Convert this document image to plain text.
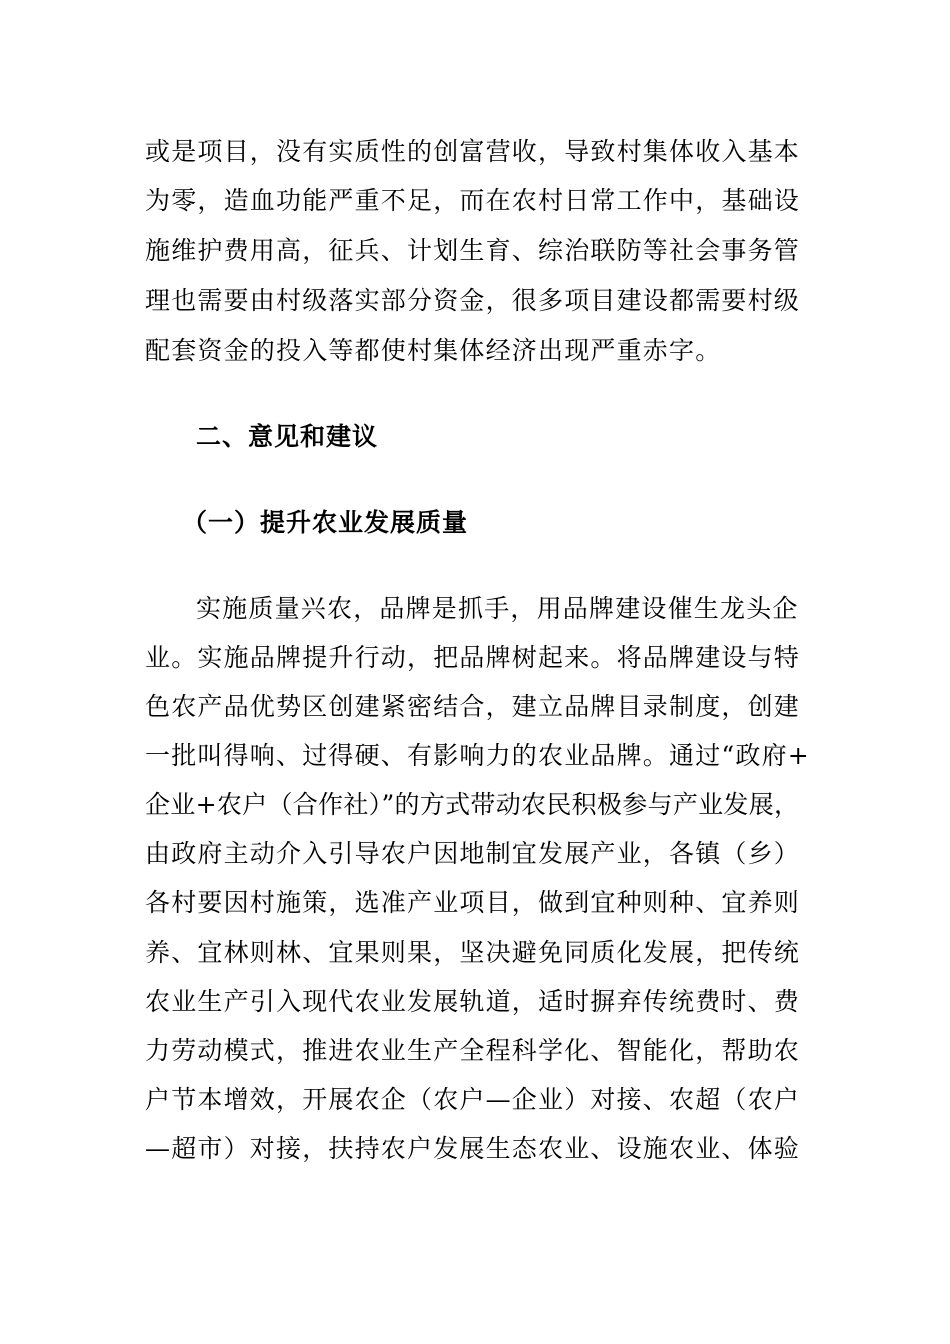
或是项目，没有实质性的创富营收，导致村集体收入基本
为零，造血功能严重不足，而在农村日常工作中，基础设
施维护费用高，征兵、计划生育、综治联防等社会事务管
理也需要由村级落实部分资金，很多项目建设都需要村级
配套资金的投入等都使村集体经济出现严重赤字。
二、意见和建议
（一）提升农业发展质量
实施质量兴农，品牌是抓手，用品牌建设催生龙头企
业。实施品牌提升行动，把品牌树起来。将品牌建设与特
色农产品优势区创建紧密结合，建立品牌目录制度，创建
一批叫得响、过得硬、有影响力的农业品牌。通过“政府+
企业+农户（合作社）”的方式带动农民积极参与产业发展，
由政府主动介入引导农户因地制宜发展产业，各镇（乡）
各村要因村施策，选准产业项目，做到宜种则种、宜养则
养、宜林则林、宜果则果，坚决避免同质化发展，把传统
农业生产引入现代农业发展轨道，适时摒弃传统费时、费
力劳动模式，推进农业生产全程科学化、智能化，帮助农
户节本增效，开展农企（农户—企业）对接、农超（农户
—超市）对接，扶持农户发展生态农业、设施农业、体验
